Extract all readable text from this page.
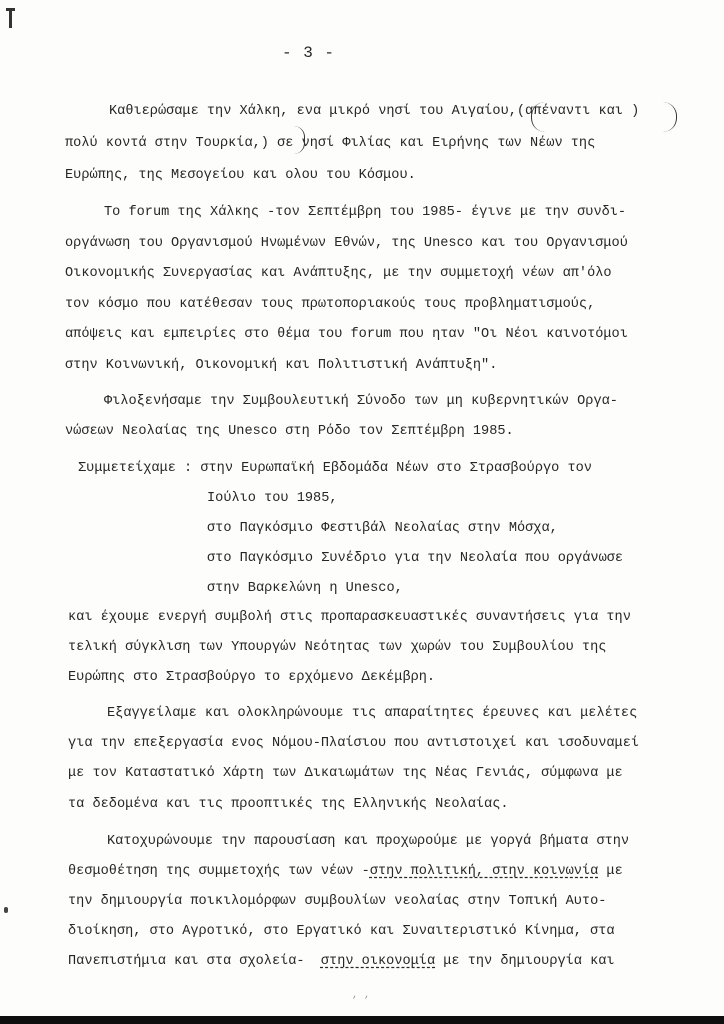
- 3 -
Καθιερώσαμε την Χάλκη, ενα μικρό νησί του Αιγαίου,(απέναντι και )
πολύ κοντά στην Τουρκία,) σε νησί Φιλίας και Ειρήνης των Νέων της
Ευρώπης, της Μεσογείου και ολου του Κόσμου.
Το forum της Χάλκης -τον Σεπτέμβρη του 1985- έγινε με την συνδι-
οργάνωση του Οργανισμού Ηνωμένων Εθνών, της Unesco και του Οργανισμού
Οικονομικής Συνεργασίας και Ανάπτυξης, με την συμμετοχή νέων απ'όλο
τον κόσμο που κατέθεσαν τους πρωτοποριακούς τους προβληματισμούς,
απόψεις και εμπειρίες στο θέμα του forum που ηταν "Οι Νέοι καινοτόμοι
στην Κοινωνική, Οικονομική και Πολιτιστική Ανάπτυξη".
Φιλοξενήσαμε την Συμβουλευτική Σύνοδο των μη κυβερνητικών Οργα-
νώσεων Νεολαίας της Unesco στη Ρόδο τον Σεπτέμβρη 1985.
Συμμετείχαμε : στην Ευρωπαϊκή Εβδομάδα Νέων στο Στρασβούργο τον
Ιούλιο του 1985,
στο Παγκόσμιο Φεστιβάλ Νεολαίας στην Μόσχα,
στο Παγκόσμιο Συνέδριο για την Νεολαία που οργάνωσε
στην Βαρκελώνη η Unesco,
και έχουμε ενεργή συμβολή στις προπαρασκευαστικές συναντήσεις για την
τελική σύγκλιση των Υπουργών Νεότητας των χωρών του Συμβουλίου της
Ευρώπης στο Στρασβούργο το ερχόμενο Δεκέμβρη.
Εξαγγείλαμε και ολοκληρώνουμε τις απαραίτητες έρευνες και μελέτες
για την επεξεργασία ενος Νόμου-Πλαίσιου που αντιστοιχεί και ισοδυναμεί
με τον Καταστατικό Χάρτη των Δικαιωμάτων της Νέας Γενιάς, σύμφωνα με
τα δεδομένα και τις προοπτικές της Ελληνικής Νεολαίας.
Κατοχυρώνουμε την παρουσίαση και προχωρούμε με γοργά βήματα στην
θεσμοθέτηση της συμμετοχής των νέων -στην πολιτική, στην κοινωνία με
την δημιουργία ποικιλομόρφων συμβουλίων νεολαίας στην Τοπική Αυτο-
διοίκηση, στο Αγροτικό, στο Εργατικό και Συναιτεριστικό Κίνημα, στα
Πανεπιστήμια και στα σχολεία-  στην οικονομία με την δημιουργία και
, ,
